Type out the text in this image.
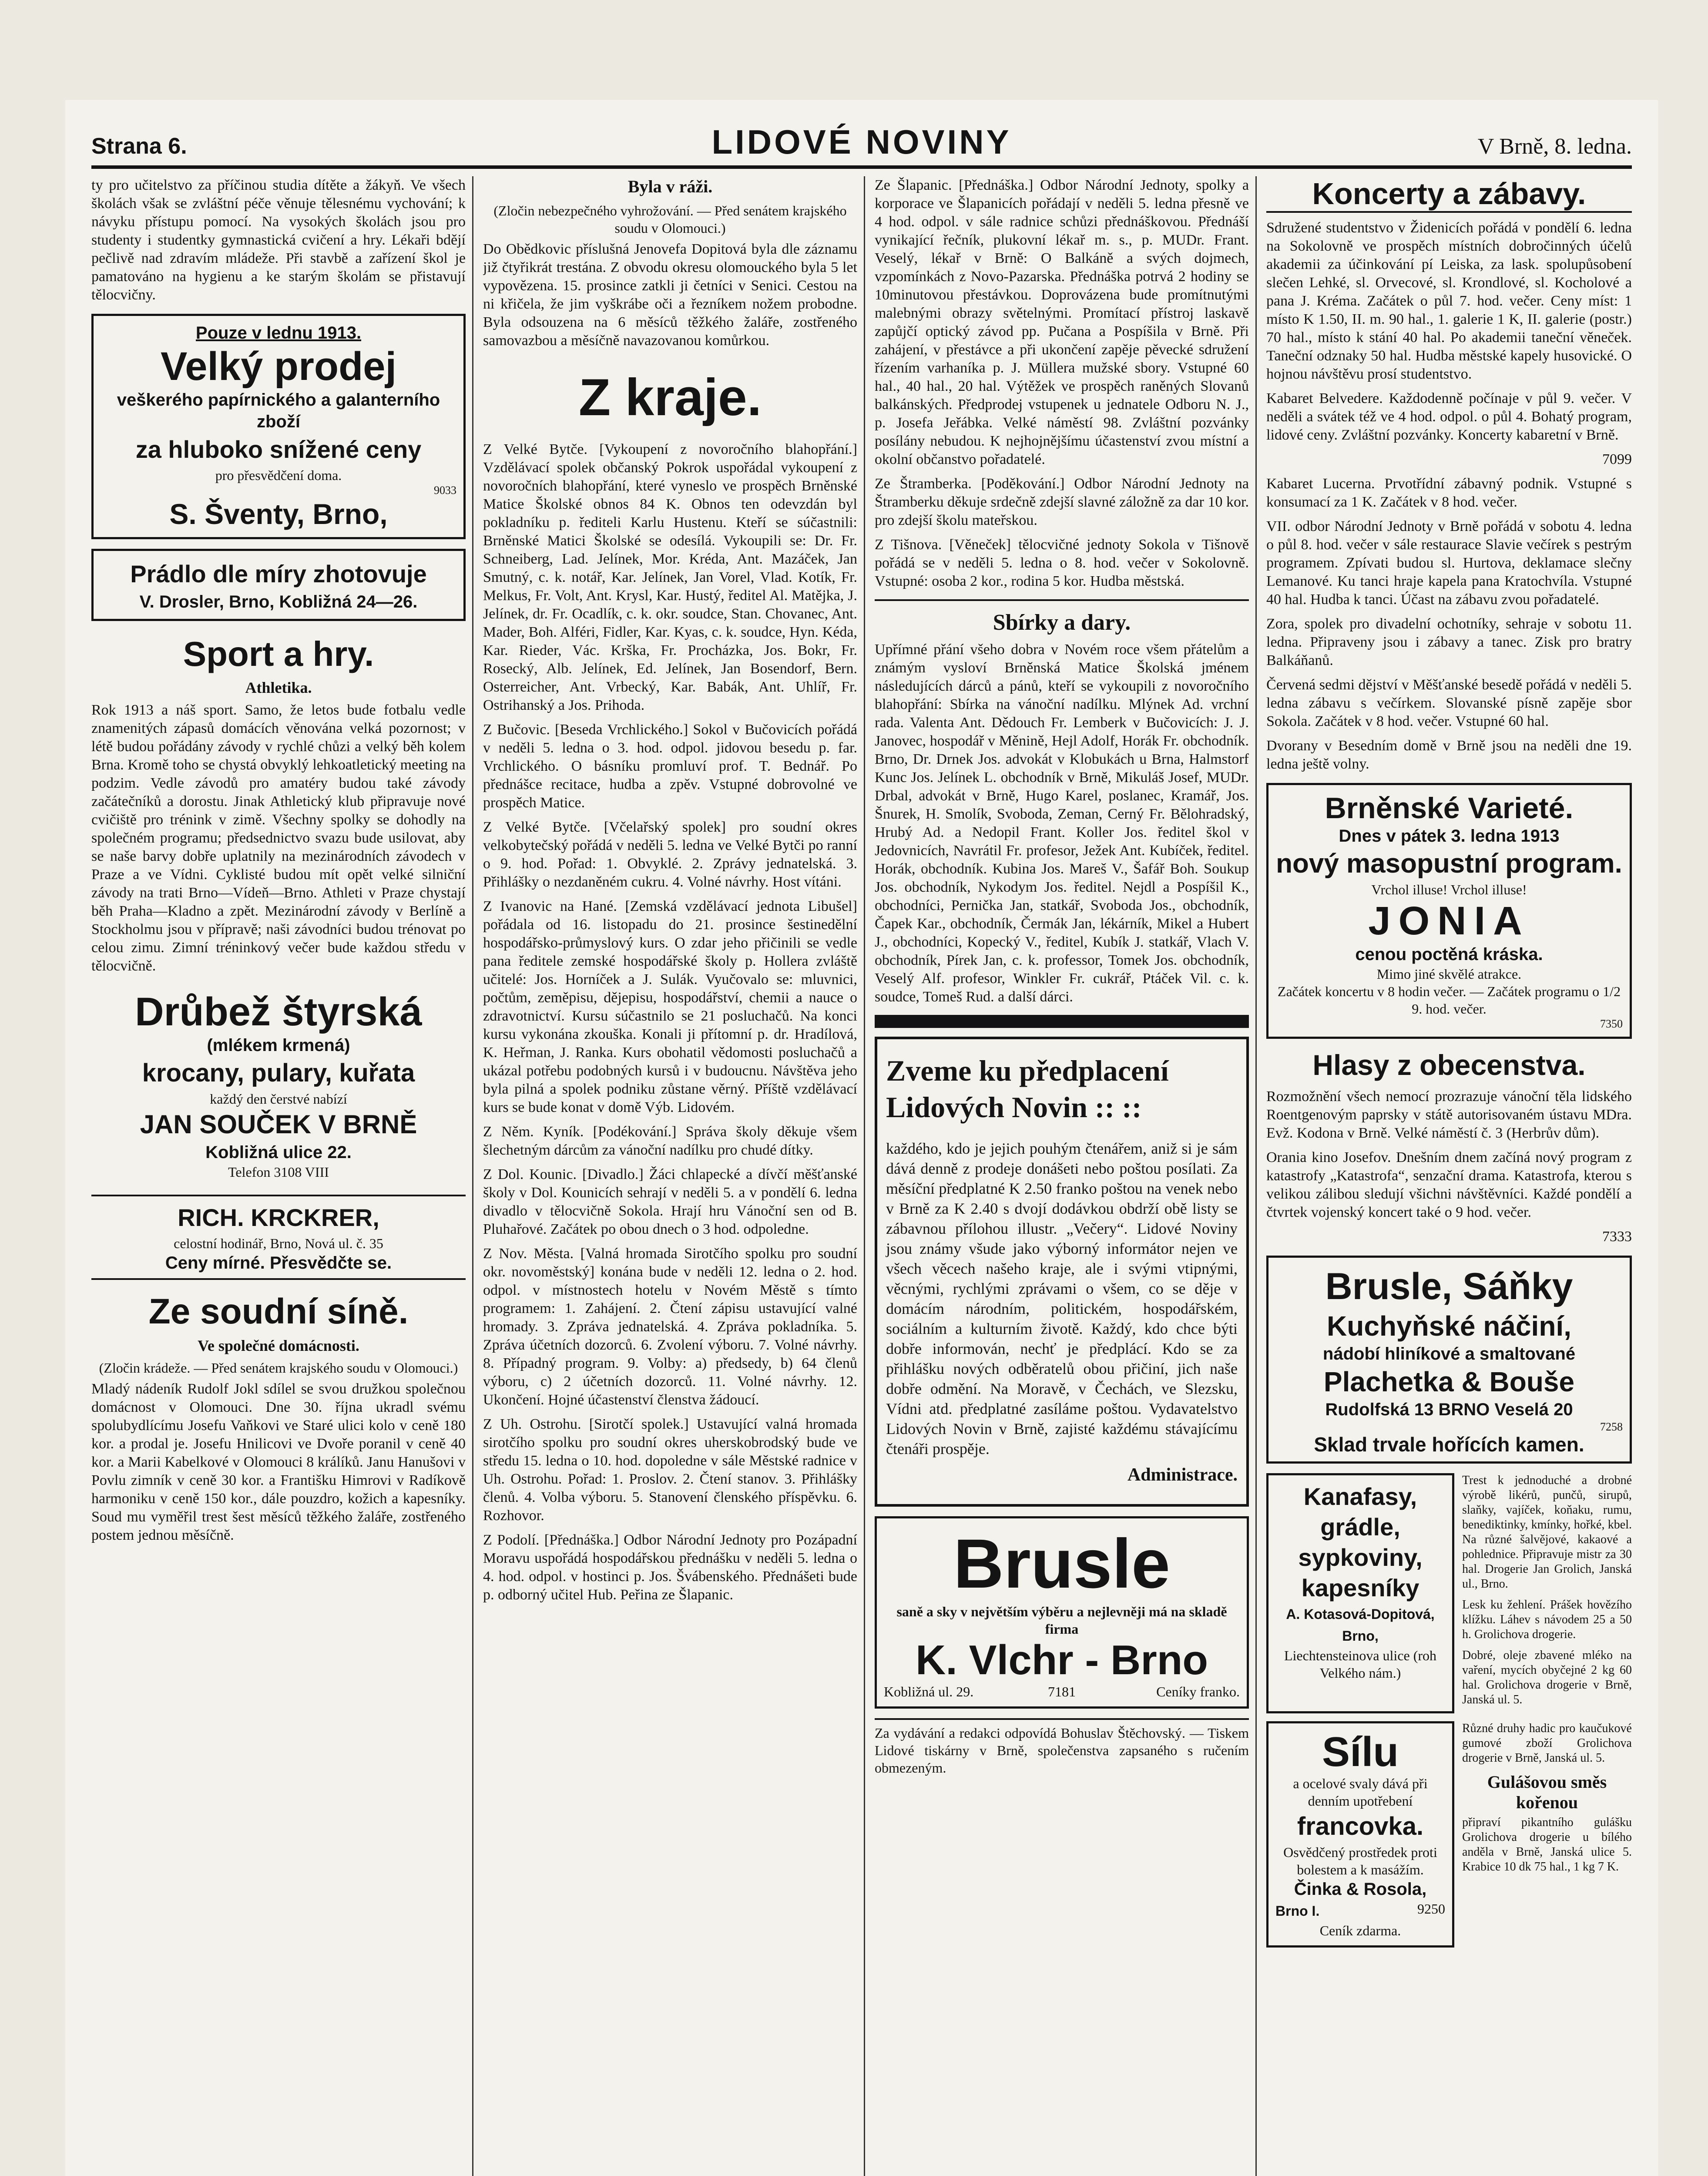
Strana 6.	LIDOVÉ NOVINY	V Brně, 8. ledna.

ty pro učitelstvo za příčinou studia dítěte a žákyň. Ve všech školách však se zvláštní péče věnuje tělesnému vychování; k návyku přístupu pomocí. Na vysokých školách jsou pro studenty i studentky gymnastická cvičení a hry. Lékaři bdějí pečlivě nad zdravím mládeže. Při stavbě a zařízení škol je pamatováno na hygienu a ke starým školám se přistavují tělocvičny.

Pouze v lednu 1913.
Velký prodej
veškerého papírnického a galanterního zboží
za hluboko snížené ceny
pro přesvědčení doma.
9033
S. Šventy, Brno,
Prádlo dle míry zhotovuje
V. Drosler, Brno, Kobližná 24—26.
Sport a hry.
Athletika.

Rok 1913 a náš sport. Samo, že letos bude fotbalu vedle znamenitých zápasů domácích věnována velká pozornost; v létě budou pořádány závody v rychlé chůzi a velký běh kolem Brna. Kromě toho se chystá obvyklý lehkoatletický meeting na podzim. Vedle závodů pro amatéry budou také závody začátečníků a dorostu. Jinak Athletický klub připravuje nové cvičiště pro trénink v zimě. Všechny spolky se dohodly na společném programu; předsednictvo svazu bude usilovat, aby se naše barvy dobře uplatnily na mezinárodních závodech v Praze a ve Vídni. Cyklisté budou mít opět velké silniční závody na trati Brno—Vídeň—Brno. Athleti v Praze chystají běh Praha—Kladno a zpět. Mezinárodní závody v Berlíně a Stockholmu jsou v přípravě; naši závodníci budou trénovat po celou zimu. Zimní tréninkový večer bude každou středu v tělocvičně.

Drůbež štyrská
(mlékem krmená)
krocany, pulary, kuřata
každý den čerstvé nabízí
JAN SOUČEK V BRNĚ
Kobližná ulice 22.
Telefon 3108 VIII
RICH. KRCKRER,
celostní hodinář, Brno, Nová ul. č. 35
Ceny mírné. Přesvědčte se.
Ze soudní síně.
Ve společné domácnosti.
(Zločin krádeže. — Před senátem krajského soudu v Olomouci.)

Mladý nádeník Rudolf Jokl sdílel se svou družkou společnou domácnost v Olomouci. Dne 30. října ukradl svému spolubydlícímu Josefu Vaňkovi ve Staré ulici kolo v ceně 180 kor. a prodal je. Josefu Hnilicovi ve Dvoře poranil v ceně 40 kor. a Marii Kabelkové v Olomouci 8 králíků. Janu Hanušovi v Povlu zimník v ceně 30 kor. a Františku Himrovi v Radíkově harmoniku v ceně 150 kor., dále pouzdro, kožich a kapesníky. Soud mu vyměřil trest šest měsíců těžkého žaláře, zostřeného postem jednou měsíčně.

Byla v ráži.
(Zločin nebezpečného vyhrožování. — Před senátem krajského soudu v Olomouci.)

Do Obědkovic příslušná Jenovefa Dopitová byla dle záznamu již čtyřikrát trestána. Z obvodu okresu olomouckého byla 5 let vypovězena. 15. prosince zatkli ji četníci v Senici. Cestou na ni křičela, že jim vyškrábe oči a řezníkem nožem probodne. Byla odsouzena na 6 měsíců těžkého žaláře, zostřeného samovazbou a měsíčně navazovanou komůrkou.

Z kraje.

Z Velké Bytče. [Vykoupení z novoročního blahopřání.] Vzdělávací spolek občanský Pokrok uspořádal vykoupení z novoročních blahopřání, které vyneslo ve prospěch Brněnské Matice Školské obnos 84 K. Obnos ten odevzdán byl pokladníku p. řediteli Karlu Hustenu. Kteří se súčastnili: Brněnské Matici Školské se odesílá. Vykoupili se: Dr. Fr. Schneiberg, Lad. Jelínek, Mor. Kréda, Ant. Mazáček, Jan Smutný, c. k. notář, Kar. Jelínek, Jan Vorel, Vlad. Kotík, Fr. Melkus, Fr. Volt, Ant. Krysl, Kar. Hustý, ředitel Al. Matějka, J. Jelínek, dr. Fr. Ocadlík, c. k. okr. soudce, Stan. Chovanec, Ant. Mader, Boh. Alféri, Fidler, Kar. Kyas, c. k. soudce, Hyn. Kéda, Kar. Rieder, Vác. Krška, Fr. Procházka, Jos. Bokr, Fr. Rosecký, Alb. Jelínek, Ed. Jelínek, Jan Bosendorf, Bern. Osterreicher, Ant. Vrbecký, Kar. Babák, Ant. Uhlíř, Fr. Ostrihanský a Jos. Prihoda.

Z Bučovic. [Beseda Vrchlického.] Sokol v Bučovicích pořádá v neděli 5. ledna o 3. hod. odpol. jidovou besedu p. far. Vrchlického. O básníku promluví prof. T. Bednář. Po přednášce recitace, hudba a zpěv. Vstupné dobrovolné ve prospěch Matice.

Z Velké Bytče. [Včelařský spolek] pro soudní okres velkobytečský pořádá v neděli 5. ledna ve Velké Bytči po ranní o 9. hod. Pořad: 1. Obvyklé. 2. Zprávy jednatelská. 3. Přihlášky o nezdaněném cukru. 4. Volné návrhy. Host vítáni.

Z Ivanovic na Hané. [Zemská vzdělávací jednota Libušel] pořádala od 16. listopadu do 21. prosince šestinedělní hospodářsko-průmyslový kurs. O zdar jeho přičinili se vedle pana ředitele zemské hospodářské školy p. Hollera zvláště učitelé: Jos. Horníček a J. Sulák. Vyučovalo se: mluvnici, počtům, zeměpisu, dějepisu, hospodářství, chemii a nauce o zdravotnictví. Kursu súčastnilo se 21 posluchačů. Na konci kursu vykonána zkouška. Konali ji přítomní p. dr. Hradílová, K. Heřman, J. Ranka. Kurs obohatil vědomosti posluchačů a ukázal potřebu podobných kursů i v budoucnu. Návštěva jeho byla pilná a spolek podniku zůstane věrný. Příště vzdělávací kurs se bude konat v domě Výb. Lidovém.

Z Něm. Kyník. [Podékování.] Správa školy děkuje všem šlechetným dárcům za vánoční nadílku pro chudé dítky.

Z Dol. Kounic. [Divadlo.] Žáci chlapecké a dívčí měšťanské školy v Dol. Kounicích sehrají v neděli 5. a v pondělí 6. ledna divadlo v tělocvičně Sokola. Hrají hru Vánoční sen od B. Pluhařové. Začátek po obou dnech o 3 hod. odpoledne.

Z Nov. Města. [Valná hromada Sirotčího spolku pro soudní okr. novoměstský] konána bude v neděli 12. ledna o 2. hod. odpol. v místnostech hotelu v Novém Městě s tímto programem: 1. Zahájení. 2. Čtení zápisu ustavující valné hromady. 3. Zpráva jednatelská. 4. Zpráva pokladníka. 5. Zpráva účetních dozorců. 6. Zvolení výboru. 7. Volné návrhy. 8. Případný program. 9. Volby: a) předsedy, b) 64 členů výboru, c) 2 účetních dozorců. 11. Volné návrhy. 12. Ukončení. Hojné účastenství členstva žádoucí.

Z Uh. Ostrohu. [Sirotčí spolek.] Ustavující valná hromada sirotčího spolku pro soudní okres uherskobrodský bude ve středu 15. ledna o 10. hod. dopoledne v sále Městské radnice v Uh. Ostrohu. Pořad: 1. Proslov. 2. Čtení stanov. 3. Přihlášky členů. 4. Volba výboru. 5. Stanovení členského příspěvku. 6. Rozhovor.

Z Podolí. [Přednáška.] Odbor Národní Jednoty pro Pozápadní Moravu uspořádá hospodářskou přednášku v neděli 5. ledna o 4. hod. odpol. v hostinci p. Jos. Švábenského. Přednášeti bude p. odborný učitel Hub. Peřina ze Šlapanic.

Ze Šlapanic. [Přednáška.] Odbor Národní Jednoty, spolky a korporace ve Šlapanicích pořádají v neděli 5. ledna přesně ve 4 hod. odpol. v sále radnice schůzi přednáškovou. Přednáší vynikající řečník, plukovní lékař m. s., p. MUDr. Frant. Veselý, lékař v Brně: O Balkáně a svých dojmech, vzpomínkách z Novo-Pazarska. Přednáška potrvá 2 hodiny se 10minutovou přestávkou. Doprovázena bude promítnutými malebnými obrazy světelnými. Promítací přístroj laskavě zapůjčí optický závod pp. Pučana a Pospíšila v Brně. Při zahájení, v přestávce a při ukončení zapěje pěvecké sdružení řízením varhaníka p. J. Müllera mužské sbory. Vstupné 60 hal., 40 hal., 20 hal. Výtěžek ve prospěch raněných Slovanů balkánských. Předprodej vstupenek u jednatele Odboru N. J., p. Josefa Jeřábka. Velké náměstí 98. Zvláštní pozvánky posílány nebudou. K nejhojnějšímu účastenství zvou místní a okolní občanstvo pořadatelé.

Ze Štramberka. [Poděkování.] Odbor Národní Jednoty na Štramberku děkuje srdečně zdejší slavné záložně za dar 10 kor. pro zdejší školu mateřskou.

Z Tišnova. [Věneček] tělocvičné jednoty Sokola v Tišnově pořádá se v neděli 5. ledna o 8. hod. večer v Sokolovně. Vstupné: osoba 2 kor., rodina 5 kor. Hudba městská.

Sbírky a dary.

Upřímné přání všeho dobra v Novém roce všem přátelům a známým vysloví Brněnská Matice Školská jménem následujících dárců a pánů, kteří se vykoupili z novoročního blahopřání: Sbírka na vánoční nadílku. Mlýnek Ad. vrchní rada. Valenta Ant. Dědouch Fr. Lemberk v Bučovicích: J. J. Janovec, hospodář v Měnině, Hejl Adolf, Horák Fr. obchodník. Brno, Dr. Drnek Jos. advokát v Klobukách u Brna, Halmstorf Kunc Jos. Jelínek L. obchodník v Brně, Mikuláš Josef, MUDr. Drbal, advokát v Brně, Hugo Karel, poslanec, Kramář, Jos. Šnurek, H. Smolík, Svoboda, Zeman, Cerný Fr. Bělohradský, Hrubý Ad. a Nedopil Frant. Koller Jos. ředitel škol v Jedovnicích, Navrátil Fr. profesor, Ježek Ant. Kubíček, ředitel. Horák, obchodník. Kubina Jos. Mareš V., Šafář Boh. Soukup Jos. obchodník, Nykodym Jos. ředitel. Nejdl a Pospíšil K., obchodníci, Pernička Jan, statkář, Svoboda Jos., obchodník, Čapek Kar., obchodník, Čermák Jan, lékárník, Mikel a Hubert J., obchodníci, Kopecký V., ředitel, Kubík J. statkář, Vlach V. obchodník, Pírek Jan, c. k. professor, Tomek Jos. obchodník, Veselý Alf. profesor, Winkler Fr. cukrář, Ptáček Vil. c. k. soudce, Tomeš Rud. a další dárci.

Zveme ku předplacení Lidových Novin :: ::

každého, kdo je jejich pouhým čtenářem, aniž si je sám dává denně z prodeje donášeti nebo poštou posílati. Za měsíční předplatné K 2.50 franko poštou na venek nebo v Brně za K 2.40 s dvojí dodávkou obdrží obě listy se zábavnou přílohou illustr. „Večery“. Lidové Noviny jsou známy všude jako výborný informátor nejen ve všech věcech našeho kraje, ale i svými vtipnými, věcnými, rychlými zprávami o všem, co se děje v domácím národním, politickém, hospodářském, sociálním a kulturním životě. Každý, kdo chce býti dobře informován, nechť je předplácí. Kdo se za přihlášku nových odběratelů obou přičiní, jich naše dobře odmění. Na Moravě, v Čechách, ve Slezsku, Vídni atd. předplatné zasíláme poštou. Vydavatelstvo Lidových Novin v Brně, zajisté každému stávajícímu čtenáři prospěje.

Administrace.

Brusle
saně a sky v největším výběru a nejlevněji má na skladě firma
K. Vlchr - Brno
Kobližná ul. 29.	7181	Ceníky franko.
Za vydávání a redakci odpovídá Bohuslav Štěchovský. — Tiskem Lidové tiskárny v Brně, společenstva zapsaného s ručením obmezeným.
Koncerty a zábavy.

Sdružené studentstvo v Židenicích pořádá v pondělí 6. ledna na Sokolovně ve prospěch místních dobročinných účelů akademii za účinkování pí Leiska, za lask. spolupůsobení slečen Lehké, sl. Orvecové, sl. Krondlové, sl. Kocholové a pana J. Kréma. Začátek o půl 7. hod. večer. Ceny míst: 1 místo K 1.50, II. m. 90 hal., 1. galerie 1 K, II. galerie (postr.) 70 hal., místo k stání 40 hal. Po akademii taneční věneček. Taneční odznaky 50 hal. Hudba městské kapely husovické. O hojnou návštěvu prosí studentstvo.

Kabaret Belvedere. Každodenně počínaje v půl 9. večer. V neděli a svátek též ve 4 hod. odpol. o půl 4. Bohatý program, lidové ceny. Zvláštní pozvánky. Koncerty kabaretní v Brně.

7099

Kabaret Lucerna. Prvotřídní zábavný podnik. Vstupné s konsumací za 1 K. Začátek v 8 hod. večer.

VII. odbor Národní Jednoty v Brně pořádá v sobotu 4. ledna o půl 8. hod. večer v sále restaurace Slavie večírek s pestrým programem. Zpívati budou sl. Hurtova, deklamace slečny Lemanové. Ku tanci hraje kapela pana Kratochvíla. Vstupné 40 hal. Hudba k tanci. Účast na zábavu zvou pořadatelé.

Zora, spolek pro divadelní ochotníky, sehraje v sobotu 11. ledna. Připraveny jsou i zábavy a tanec. Zisk pro bratry Balkáňanů.

Červená sedmi dějství v Měšťanské besedě pořádá v neděli 5. ledna zábavu s večírkem. Slovanské písně zapěje sbor Sokola. Začátek v 8 hod. večer. Vstupné 60 hal.

Dvorany v Besedním domě v Brně jsou na neděli dne 19. ledna ještě volny.

Brněnské Varieté.
Dnes v pátek 3. ledna 1913
nový masopustní program.
Vrchol illuse! Vrchol illuse!
JONIA
cenou poctěná kráska.
Mimo jiné skvělé atrakce.
Začátek koncertu v 8 hodin večer. — Začátek programu o 1/2 9. hod. večer.
7350
Hlasy z obecenstva.

Rozmožnění všech nemocí prozrazuje vánoční těla lidského Roentgenovým paprsky v státě autorisovaném ústavu MDra. Evž. Kodona v Brně. Velké náměstí č. 3 (Herbrův dům).

Orania kino Josefov. Dnešním dnem začíná nový program z katastrofy „Katastrofa“, senzační drama. Katastrofa, kterou s velikou zálibou sledují všichni návštěvníci. Každé pondělí a čtvrtek vojenský koncert také o 9 hod. večer.

7333

Brusle, Sáňky
Kuchyňské náčiní,
nádobí hliníkové a smaltované
Plachetka & Bouše
Rudolfská 13 BRNO Veselá 20
7258
Sklad trvale hořících kamen.
Kanafasy, grádle, sypkoviny, kapesníky
A. Kotasová-Dopitová,
Brno,
Liechtensteinova ulice (roh Velkého nám.)

Trest k jednoduché a drobné výrobě likérů, punčů, sirupů, slaňky, vajíček, koňaku, rumu, benediktinky, kmínky, hořké, kbel. Na různé šalvějové, kakaové a pohlednice. Připravuje mistr za 30 hal. Drogerie Jan Grolich, Janská ul., Brno.

Lesk ku žehlení. Prášek hovězího klížku. Láhev s návodem 25 a 50 h. Grolichova drogerie.

Dobré, oleje zbavené mléko na vaření, mycích obyčejné 2 kg 60 hal. Grolichova drogerie v Brně, Janská ul. 5.

Sílu
a ocelové svaly dává při denním upotřebení
francovka.
Osvědčený prostředek proti bolestem a k masážím.
Činka & Rosola,
Brno I.	9250
Ceník zdarma.

Různé druhy hadic pro kaučukové gumové zboží Grolichova drogerie v Brně, Janská ul. 5.

Gulášovou směs kořenou

připraví pikantního gulášku Grolichova drogerie u bílého anděla v Brně, Janská ulice 5. Krabice 10 dk 75 hal., 1 kg 7 K.
